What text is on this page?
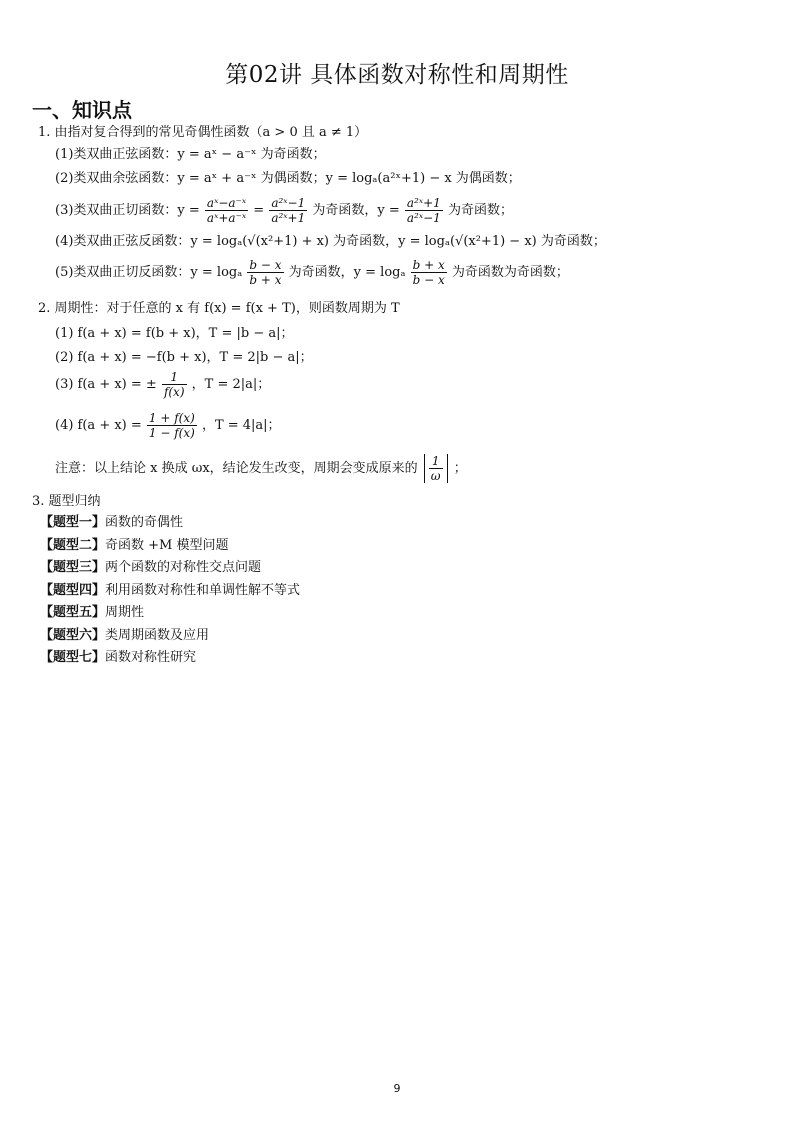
第02讲 具体函数对称性和周期性
一、知识点
1. 由指对复合得到的常见奇偶性函数（a > 0 且 a ≠ 1）
(1)类双曲正弦函数：y = aˣ − a⁻ˣ 为奇函数；
(2)类双曲余弦函数：y = aˣ + a⁻ˣ 为偶函数；y = logₐ(a²ˣ+1) − x 为偶函数；
(3)类双曲正切函数：$y = \frac{\text{aˣ−a⁻ˣ}}{\text{aˣ+a⁻ˣ}} = \frac{\text{a²ˣ−1}}{\text{a²ˣ+1}}$ 为奇函数，$y = \frac{\text{a²ˣ+1}}{\text{a²ˣ−1}}$ 为奇函数；
(4)类双曲正弦反函数：y = logₐ(√(x²+1) + x) 为奇函数，y = logₐ(√(x²+1) − x) 为奇函数；
(5)类双曲正切反函数：y = logₐ $\frac{b - x}{b + x}$ 为奇函数，y = logₐ $\frac{b + x}{b - x}$ 为奇函数为奇函数；
2. 周期性：对于任意的 x 有 f(x) = f(x + T)，则函数周期为 T
(1) f(a + x) = f(b + x)，T = |b − a|；
(2) f(a + x) = −f(b + x)，T = 2|b − a|；
(3) f(a + x) = ± $\frac{1}{f(x)}$ ，T = 2|a|；
(4) $f(a + x) = \frac{1 + f(x)}{1 - f(x)}$ ，T = 4|a|；
注意：以上结论 x 换成 ωx，结论发生改变，周期会变成原来的 $\frac{1}{\omega}$ ；
3. 题型归纳
【题型一】函数的奇偶性
【题型二】奇函数 +M 模型问题
【题型三】两个函数的对称性交点问题
【题型四】利用函数对称性和单调性解不等式
【题型五】周期性
【题型六】类周期函数及应用
【题型七】函数对称性研究
9
